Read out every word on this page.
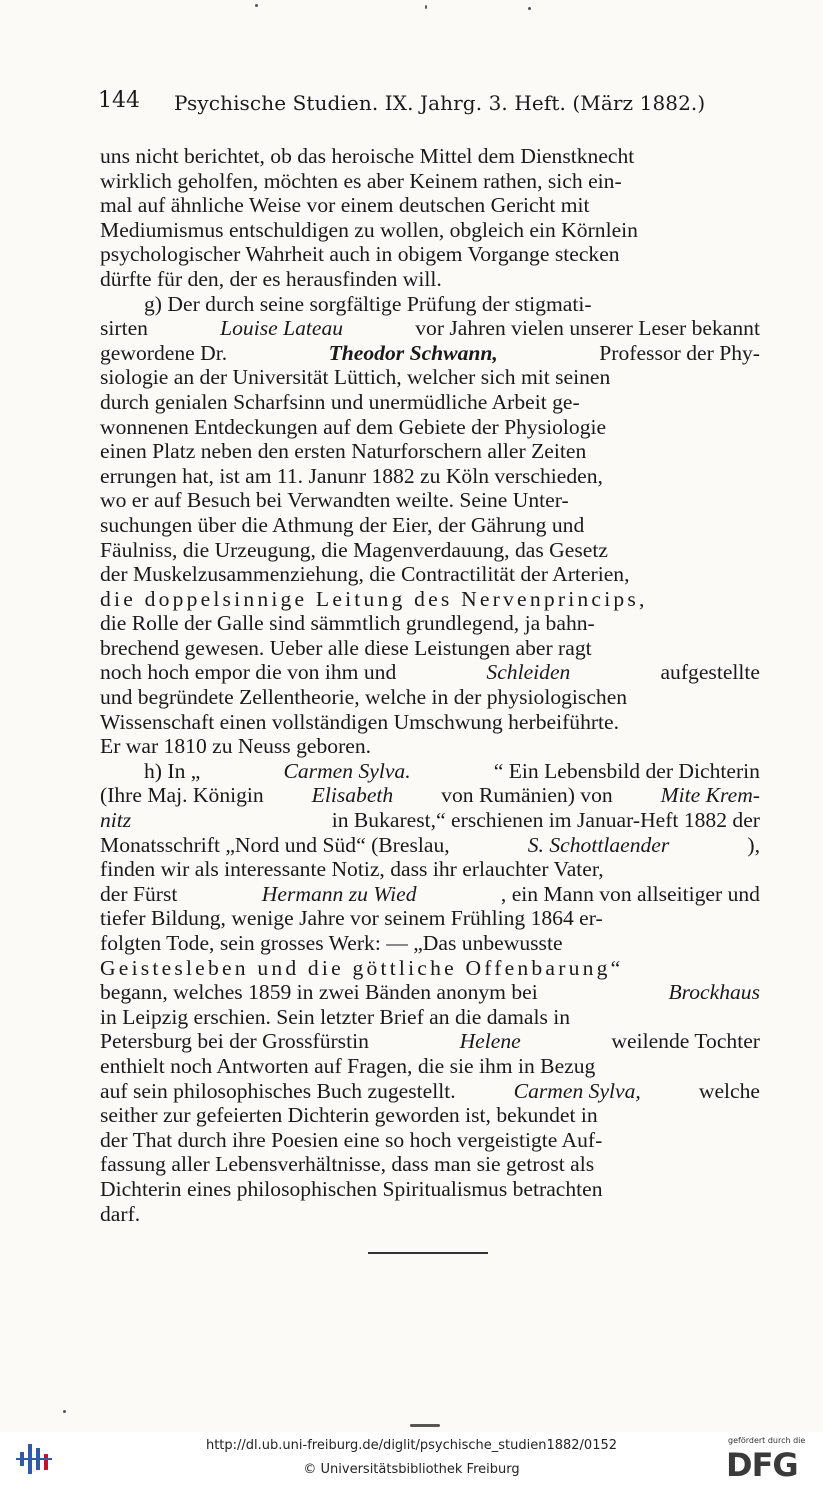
144 Psychische Studien. IX. Jahrg. 3. Heft. (März 1882.)
uns nicht berichtet, ob das heroische Mittel dem Dienstknecht
wirklich geholfen, möchten es aber Keinem rathen, sich ein-
mal auf ähnliche Weise vor einem deutschen Gericht mit
Mediumismus entschuldigen zu wollen, obgleich ein Körnlein
psychologischer Wahrheit auch in obigem Vorgange stecken
dürfte für den, der es herausfinden will.
g) Der durch seine sorgfältige Prüfung der stigmati-
sirten	Louise Lateau	vor Jahren vielen unserer Leser bekannt
gewordene Dr.	Theodor Schwann,	Professor der Phy-
siologie an der Universität Lüttich, welcher sich mit seinen
durch genialen Scharfsinn und unermüdliche Arbeit ge-
wonnenen Entdeckungen auf dem Gebiete der Physiologie
einen Platz neben den ersten Naturforschern aller Zeiten
errungen hat, ist am 11. Janunr 1882 zu Köln verschieden,
wo er auf Besuch bei Verwandten weilte. Seine Unter-
suchungen über die Athmung der Eier, der Gährung und
Fäulniss, die Urzeugung, die Magenverdauung, das Gesetz
der Muskelzusammenziehung, die Contractilität der Arterien,
die doppelsinnige Leitung des Nervenprincips,
die Rolle der Galle sind sämmtlich grundlegend, ja bahn-
brechend gewesen. Ueber alle diese Leistungen aber ragt
noch hoch empor die von ihm und	Schleiden	aufgestellte
und begründete Zellentheorie, welche in der physiologischen
Wissenschaft einen vollständigen Umschwung herbeiführte.
Er war 1810 zu Neuss geboren.
h) In „	Carmen Sylva.	“ Ein Lebensbild der Dichterin
(Ihre Maj. Königin Elisabeth von Rumänien) von Mite Krem-
nitz	in Bukarest,“ erschienen im Januar-Heft 1882 der
Monatsschrift „Nord und Süd“ (Breslau,	S. Schottlaender	),
finden wir als interessante Notiz, dass ihr erlauchter Vater,
der Fürst	Hermann zu Wied	, ein Mann von allseitiger und
tiefer Bildung, wenige Jahre vor seinem Frühling 1864 er-
folgten Tode, sein grosses Werk: — „Das unbewusste
Geistesleben und die göttliche Offenbarung“
begann, welches 1859 in zwei Bänden anonym bei	Brockhaus
in Leipzig erschien. Sein letzter Brief an die damals in
Petersburg bei der Grossfürstin	Helene	weilende Tochter
enthielt noch Antworten auf Fragen, die sie ihm in Bezug
auf sein philosophisches Buch zugestellt.	Carmen Sylva,	welche
seither zur gefeierten Dichterin geworden ist, bekundet in
der That durch ihre Poesien eine so hoch vergeistigte Auf-
fassung aller Lebensverhältnisse, dass man sie getrost als
Dichterin eines philosophischen Spiritualismus betrachten
darf.
http://dl.ub.uni-freiburg.de/diglit/psychische_studien1882/0152
© Universitätsbibliothek Freiburg
gefördert durch die
DFG
